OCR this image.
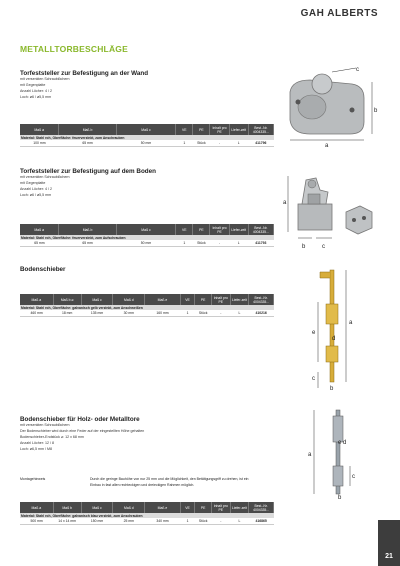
GAH ALBERTS
METALLTORBESCHLÄGE
Torfeststeller zur Befestigung an der Wand
mit versenkten Schraublöchern
mit Gegenplatte
Anzahl Löcher: 4 / 2
Loch: ø6 / ø5,5 mm
Maß a	Maß b	Maß c	VE	PE	Inhalt pro PE	Liefer-zeit	Best.-Nr. 4004335...
Material: Stahl roh, Oberfläche: feuerverzinkt, zum Anschrauben							
100 mm	65 mm	50 mm	1	Stück	-	L	411796
c
b
a
Torfeststeller zur Befestigung auf dem Boden
mit versenkten Schraublöchern
mit Gegenplatte
Anzahl Löcher: 4 / 2
Loch: ø6 / ø5,5 mm
Maß a	Maß b	Maß c	VE	PE	Inhalt pro PE	Liefer-zeit	Best.-Nr. 4004335...
Material: Stahl roh, Oberfläche: feuerverzinkt, zum Aufschrauben							
65 mm	65 mm	50 mm	1	Stück	-	L	411793
a
b	c
Bodenschieber
Maß a	Maß b ⌀	Maß c	Maß d	Maß e	VE	PE	Inhalt pro PE	Liefer-zeit	Best.-Nr. 4004335...
Material: Stahl roh, Oberfläche: galvanisch gelb verzinkt, zum Anschweißen									
460 mm	18 mm	135 mm	30 mm	160 mm	1	Stück	-	L	410216
e
a
d
c
b
Bodenschieber für Holz- oder Metalltore
mit versenkten Schraublöchern
Der Bodenschieber wird durch eine Feder auf der eingestellten Höhe gehalten
Bodenschieber-Endstück ⌀: 12 x 68 mm
Anzahl Löcher: 12 / 8
Loch: ø6,5 mm / M8
Montagehinweis	Durch die geringe Bauhöhe von nur 25 mm und die Möglichkeit, den Betätigungsgriff zu drehen, ist ein
Einbau in fast allen rechteckigen und dreieckigen Rahmen möglich.
Maß a	Maß b	Maß c	Maß d	Maß e	VE	PE	Inhalt pro PE	Liefer-zeit	Best.-Nr. 4004335...
Material: Stahl roh, Oberfläche: galvanisch blau verzinkt, zum Anschrauben									
500 mm	14 x 14 mm	150 mm	25 mm	340 mm	1	Stück	-	L	416865
e d
a
c
b
21
